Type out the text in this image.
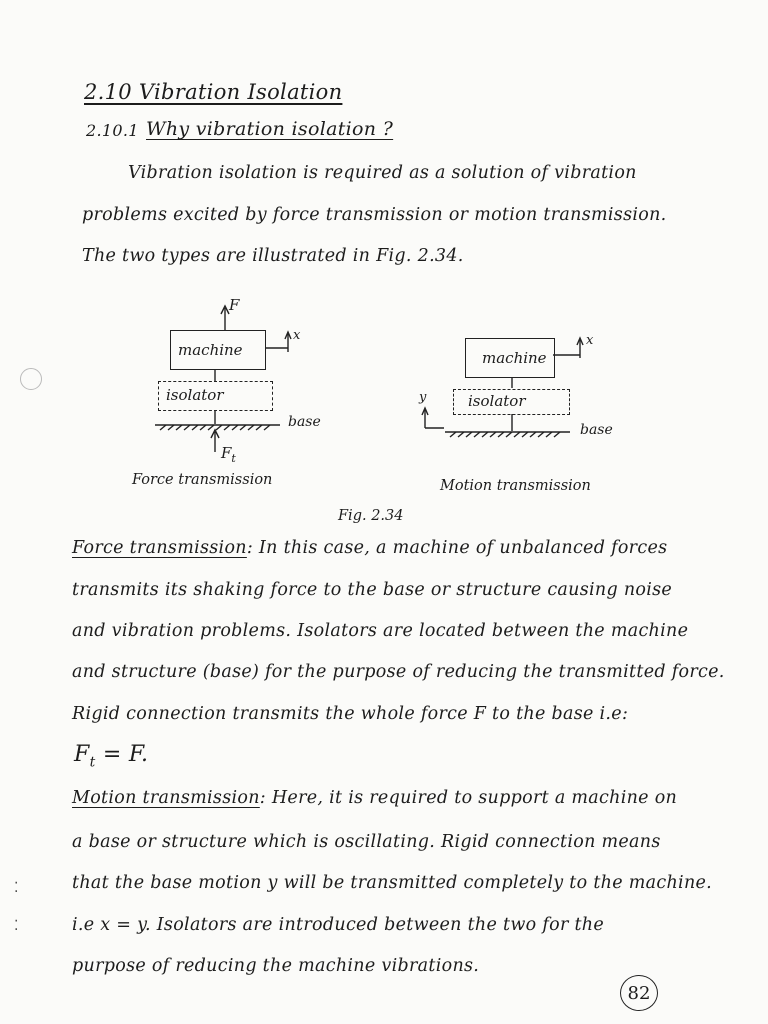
⁚
⁚
2.10 Vibration Isolation
2.10.1 Why vibration isolation ?
Vibration isolation is required as a solution of vibration
problems excited by force transmission or motion transmission.
The two types are illustrated in Fig. 2.34.
F
machine
x
isolator
base
$F_t$
Force transmission
machine
x
y	isolator
base
Motion transmission
Fig. 2.34
Force transmission: In this case, a machine of unbalanced forces
transmits its shaking force to the base or structure causing noise
and vibration problems. Isolators are located between the machine
and structure (base) for the purpose of reducing the transmitted force.
Rigid connection transmits the whole force F to the base i.e:
$F_t = F$.
Motion transmission: Here, it is required to support a machine on
a base or structure which is oscillating. Rigid connection means
that the base motion y will be transmitted completely to the machine.
i.e x = y. Isolators are introduced between the two for the
purpose of reducing the machine vibrations.
82
